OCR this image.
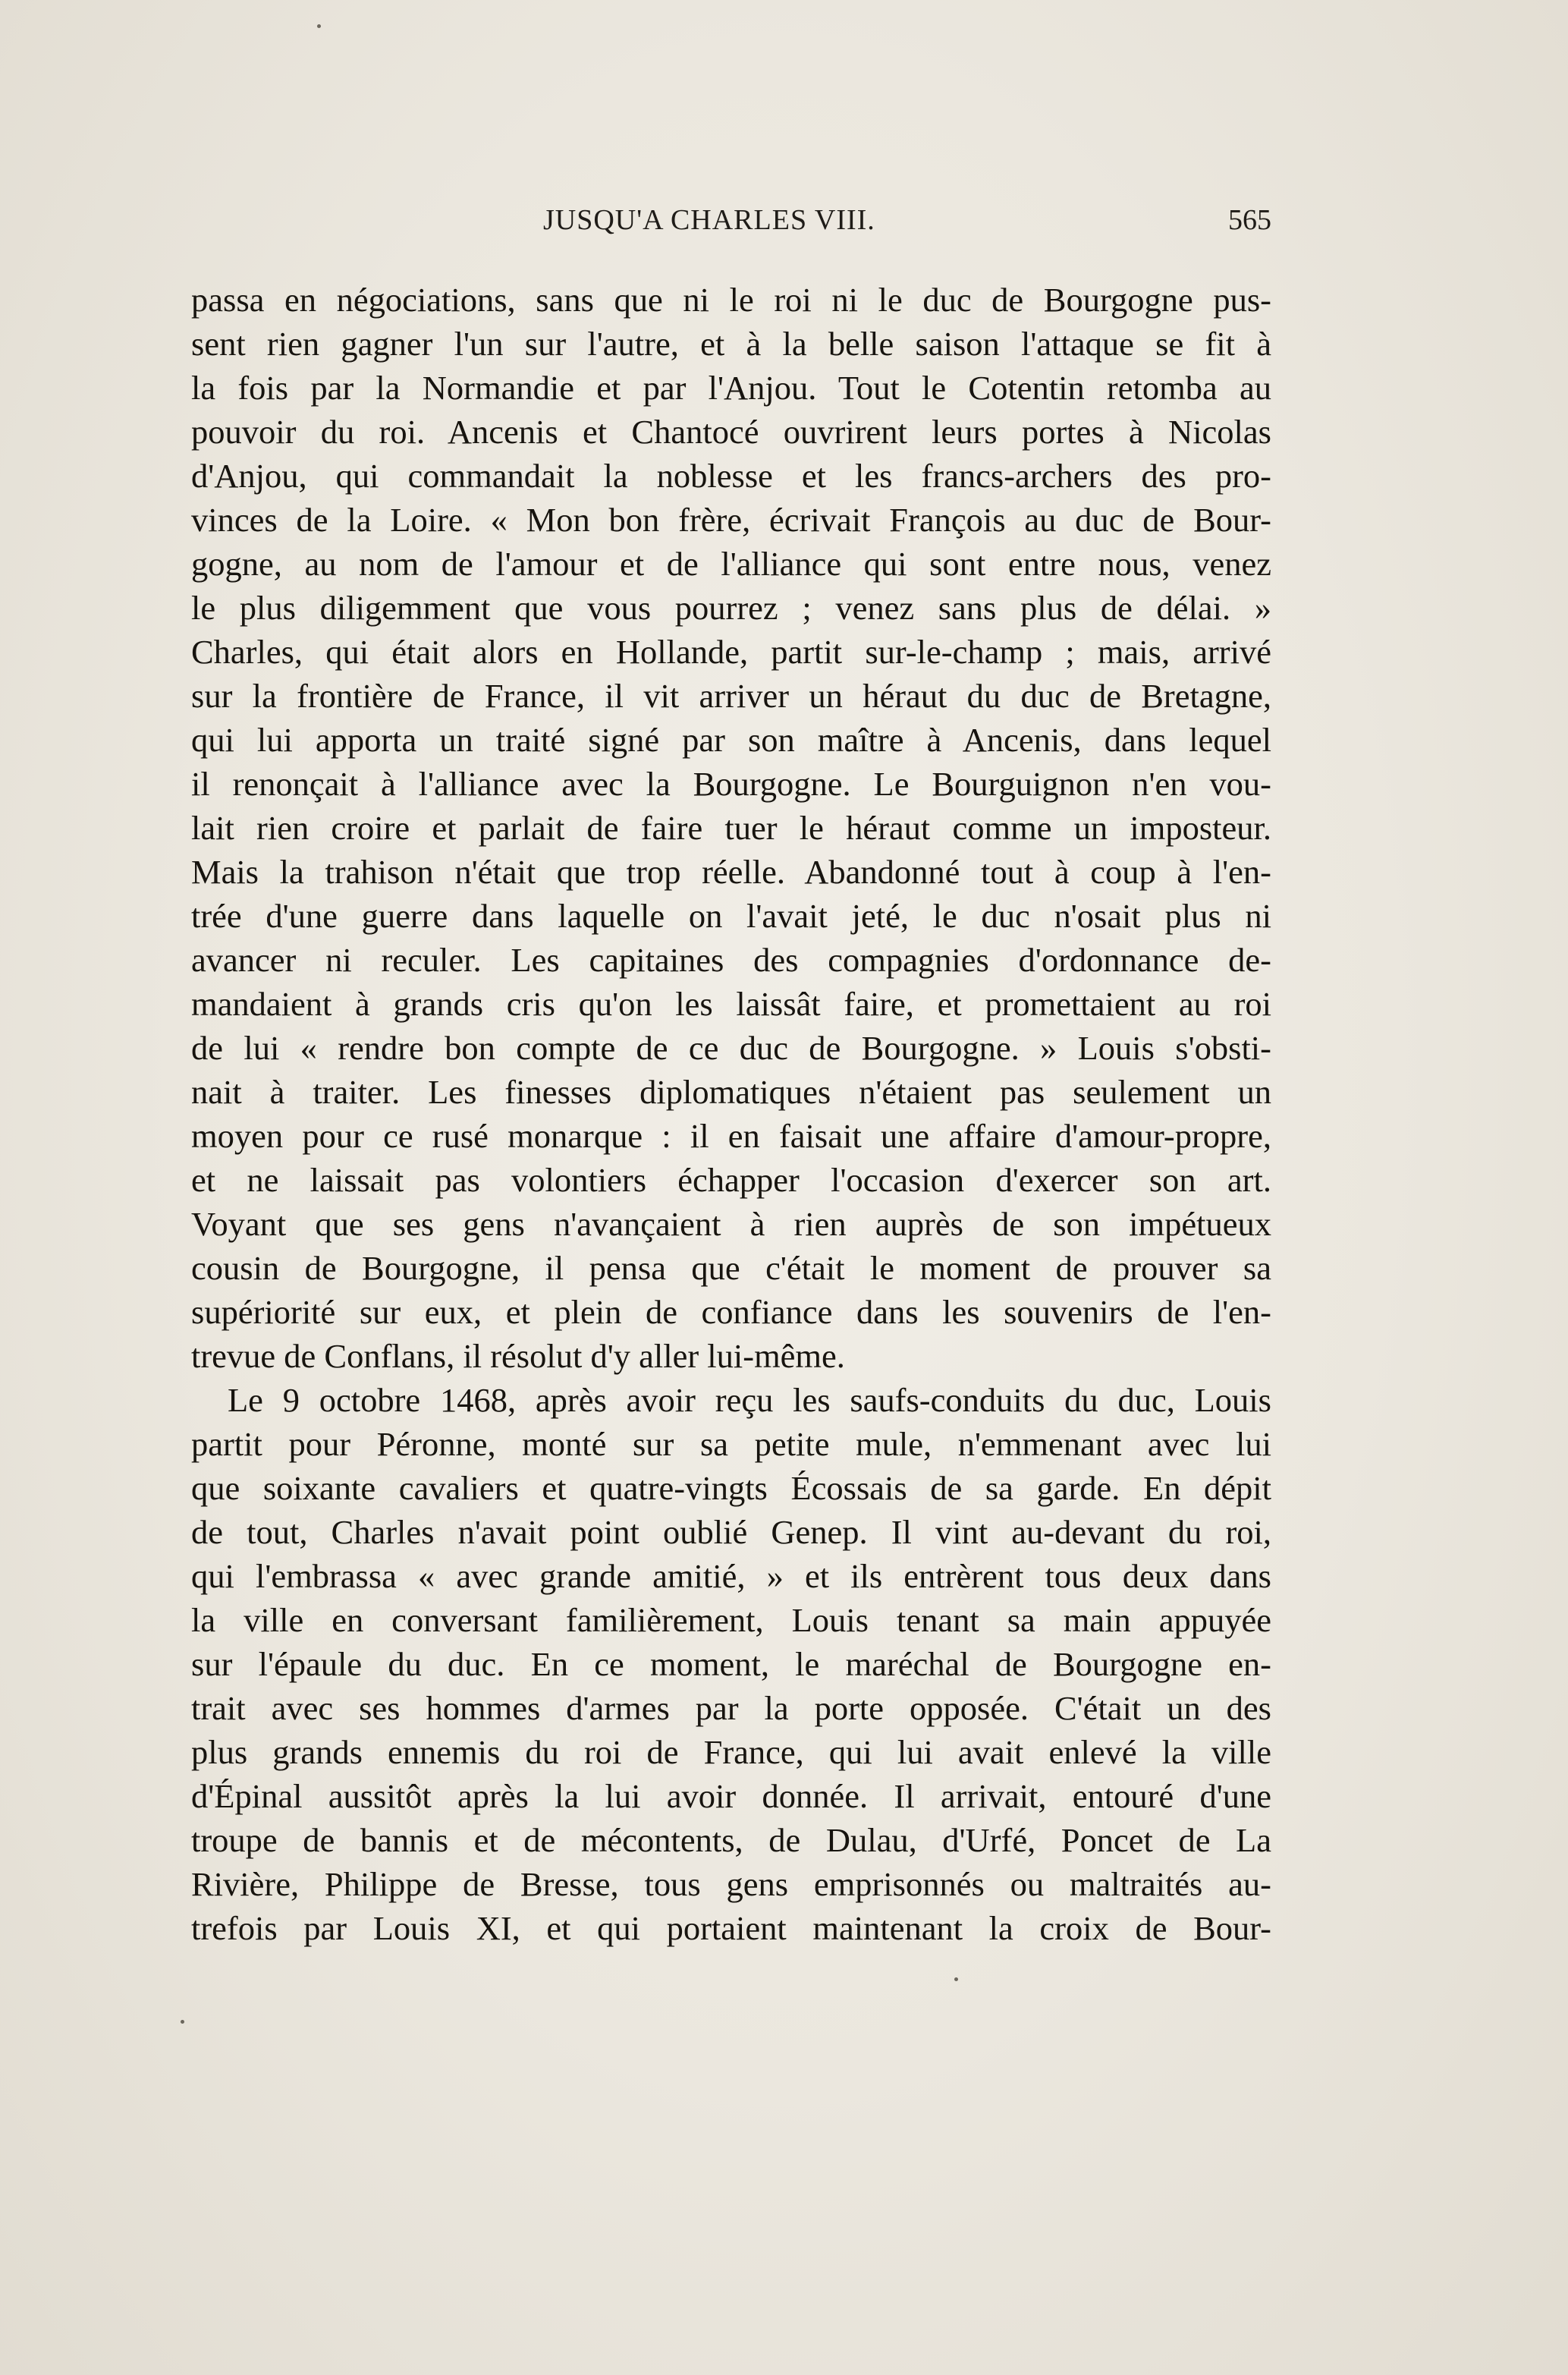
JUSQU'A CHARLES VIII.	565
passa en négociations, sans que ni le roi ni le duc de Bourgogne pus-
sent rien gagner l'un sur l'autre, et à la belle saison l'attaque se fit à
la fois par la Normandie et par l'Anjou. Tout le Cotentin retomba au
pouvoir du roi. Ancenis et Chantocé ouvrirent leurs portes à Nicolas
d'Anjou, qui commandait la noblesse et les francs-archers des pro-
vinces de la Loire. « Mon bon frère, écrivait François au duc de Bour-
gogne, au nom de l'amour et de l'alliance qui sont entre nous, venez
le plus diligemment que vous pourrez ; venez sans plus de délai. »
Charles, qui était alors en Hollande, partit sur-le-champ ; mais, arrivé
sur la frontière de France, il vit arriver un héraut du duc de Bretagne,
qui lui apporta un traité signé par son maître à Ancenis, dans lequel
il renonçait à l'alliance avec la Bourgogne. Le Bourguignon n'en vou-
lait rien croire et parlait de faire tuer le héraut comme un imposteur.
Mais la trahison n'était que trop réelle. Abandonné tout à coup à l'en-
trée d'une guerre dans laquelle on l'avait jeté, le duc n'osait plus ni
avancer ni reculer. Les capitaines des compagnies d'ordonnance de-
mandaient à grands cris qu'on les laissât faire, et promettaient au roi
de lui « rendre bon compte de ce duc de Bourgogne. » Louis s'obsti-
nait à traiter. Les finesses diplomatiques n'étaient pas seulement un
moyen pour ce rusé monarque : il en faisait une affaire d'amour-propre,
et ne laissait pas volontiers échapper l'occasion d'exercer son art.
Voyant que ses gens n'avançaient à rien auprès de son impétueux
cousin de Bourgogne, il pensa que c'était le moment de prouver sa
supériorité sur eux, et plein de confiance dans les souvenirs de l'en-
trevue de Conflans, il résolut d'y aller lui-même.
Le 9 octobre 1468, après avoir reçu les saufs-conduits du duc, Louis
partit pour Péronne, monté sur sa petite mule, n'emmenant avec lui
que soixante cavaliers et quatre-vingts Écossais de sa garde. En dépit
de tout, Charles n'avait point oublié Genep. Il vint au-devant du roi,
qui l'embrassa « avec grande amitié, » et ils entrèrent tous deux dans
la ville en conversant familièrement, Louis tenant sa main appuyée
sur l'épaule du duc. En ce moment, le maréchal de Bourgogne en-
trait avec ses hommes d'armes par la porte opposée. C'était un des
plus grands ennemis du roi de France, qui lui avait enlevé la ville
d'Épinal aussitôt après la lui avoir donnée. Il arrivait, entouré d'une
troupe de bannis et de mécontents, de Dulau, d'Urfé, Poncet de La
Rivière, Philippe de Bresse, tous gens emprisonnés ou maltraités au-
trefois par Louis XI, et qui portaient maintenant la croix de Bour-
